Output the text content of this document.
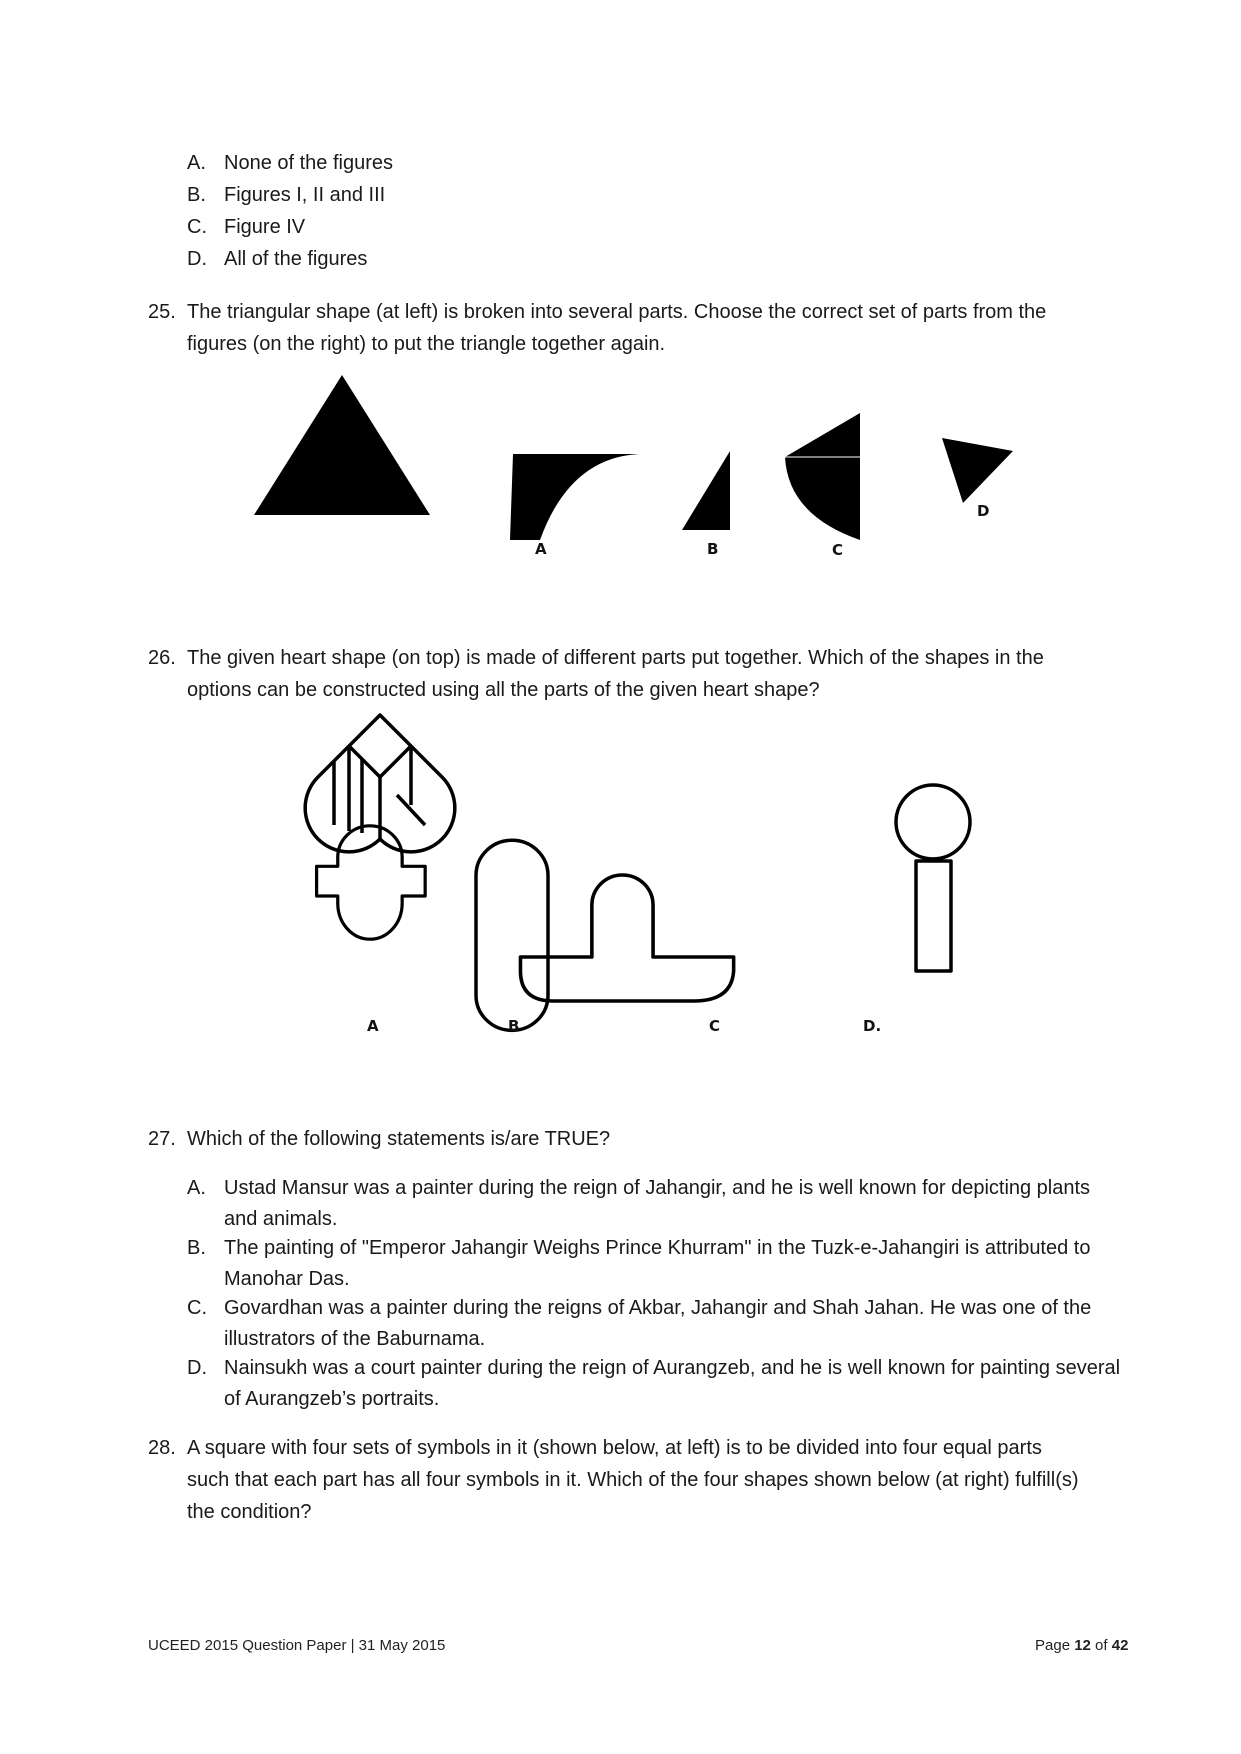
A. None of the figures
B. Figures I, II and III
C. Figure IV
D. All of the figures
25. The triangular shape (at left) is broken into several parts. Choose the correct set of parts from the figures (on the right) to put the triangle together again.
A	B	C
D
26. The given heart shape (on top) is made of different parts put together. Which of the shapes in the options can be constructed using all the parts of the given heart shape?
A	B	C	D.
27. Which of the following statements is/are TRUE?
A. Ustad Mansur was a painter during the reign of Jahangir, and he is well known for depicting plants and animals.
B. The painting of "Emperor Jahangir Weighs Prince Khurram" in the Tuzk-e-Jahangiri is attributed to Manohar Das.
C. Govardhan was a painter during the reigns of Akbar, Jahangir and Shah Jahan. He was one of the illustrators of the Baburnama.
D. Nainsukh was a court painter during the reign of Aurangzeb, and he is well known for painting several of Aurangzeb’s portraits.
28. A square with four sets of symbols in it (shown below, at left) is to be divided into four equal parts such that each part has all four symbols in it. Which of the four shapes shown below (at right) fulfill(s) the condition?
UCEED 2015 Question Paper | 31 May 2015	Page 12 of 42
